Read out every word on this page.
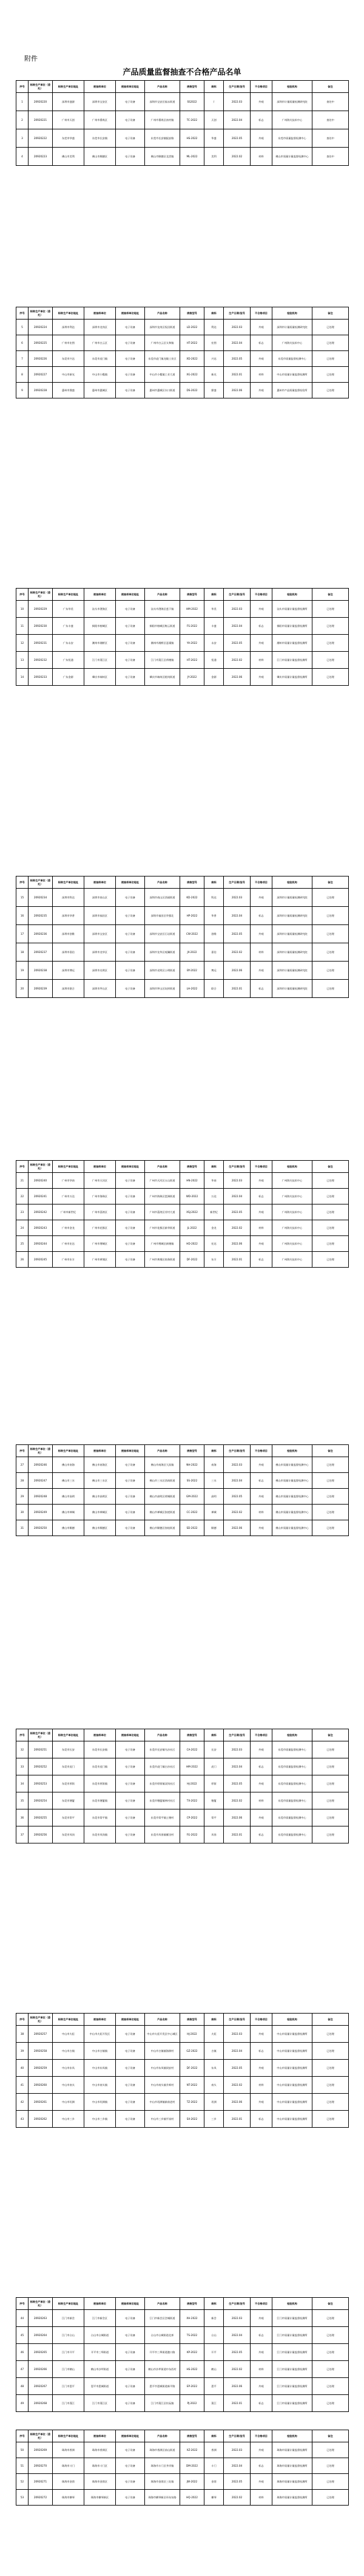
附件
产品质量监督抽查不合格产品名单
序号	标称生产单位（委托）	标称生产单位地址	被抽样单位	被抽样单位地址	产品名称	规格型号	商标	生产日期/批号	不合格项目	检验机构	备注
1	20920220	深圳市盛源	深圳市宝安区	电子设备	深圳市宝安区福永街道	SS2022	/	2022.03	外观	深圳市计量质量检测研究院	查处中
2	20920221	广州市天创	广州市番禺区	电子设备	广州市番禺区南村镇	TC-2022	天创	2022.04	标志	广州海关技术中心	查处中
3	20920222	东莞市华盛	东莞市长安镇	电子设备	东莞市长安镇振安路	HS-2022	华盛	2022.05	外观	东莞市质量监督检测中心	查处中
4	20920223	佛山市美利	佛山市顺德区	电子设备	佛山市顺德区北滘镇	ML-2022	美利	2022.02	材料	佛山市质量计量监督检测中心	查处中
序号	标称生产单位（委托）	标称生产单位地址	被抽样单位	被抽样单位地址	产品名称	规格型号	商标	生产日期/批号	不合格项目	检验机构	备注
5	20920224	深圳市利达	深圳市龙岗区	电子设备	深圳市龙岗区坂田街道	LD-2022	利达	2022.03	外观	深圳市计量质量检测研究院	已处理
6	20920225	广州市宏图	广州市白云区	电子设备	广州市白云区太和镇	HT-2022	宏图	2022.04	标志	广州海关技术中心	已处理
7	20920226	东莞市兴达	东莞市虎门镇	电子设备	东莞市虎门镇龙眼工业区	XD-2022	兴达	2022.05	外观	东莞市质量监督检测中心	已处理
8	20920227	中山市新光	中山市小榄镇	电子设备	中山市小榄镇工业大道	XG-2022	新光	2022.01	材料	中山市质量计量监督检测所	已处理
9	20920228	惠州市鼎盛	惠州市惠城区	电子设备	惠州市惠城区水口街道	DS-2022	鼎盛	2022.06	外观	惠州市产品质量监督检验所	已处理
序号	标称生产单位（委托）	标称生产单位地址	被抽样单位	被抽样单位地址	产品名称	规格型号	商标	生产日期/批号	不合格项目	检验机构	备注
10	20920229	广东华美	汕头市澄海区	电子设备	汕头市澄海区莲下镇	HM-2022	华美	2022.03	外观	汕头市质量计量监督检测所	已处理
11	20920230	广东丰盛	揭阳市榕城区	电子设备	揭阳市榕城区梅云街道	FS-2022	丰盛	2022.04	标志	揭阳市质量计量监督检测所	已处理
12	20920231	广东永安	潮州市湘桥区	电子设备	潮州市湘桥区意溪镇	YA-2022	永安	2022.05	外观	潮州市质量计量监督检测所	已处理
13	20920232	广东恒通	江门市蓬江区	电子设备	江门市蓬江区荷塘镇	HT-2022	恒通	2022.02	材料	江门市质量计量监督检测所	已处理
14	20920233	广东金源	肇庆市端州区	电子设备	肇庆市端州区睦岗街道	JY-2022	金源	2022.06	外观	肇庆市质量计量监督检测所	已处理
序号	标称生产单位（委托）	标称生产单位地址	被抽样单位	被抽样单位地址	产品名称	规格型号	商标	生产日期/批号	不合格项目	检验机构	备注
15	20920234	深圳市科达	深圳市南山区	电子设备	深圳市南山区西丽街道	KD-2022	科达	2022.03	外观	深圳市计量质量检测研究院	已处理
16	20920235	深圳市华普	深圳市福田区	电子设备	深圳市福田区华强北	HP-2022	华普	2022.04	标志	深圳市计量质量检测研究院	已处理
17	20920236	深圳市创维	深圳市宝安区	电子设备	深圳市宝安区石岩街道	CW-2022	创维	2022.05	外观	深圳市计量质量检测研究院	已处理
18	20920237	深圳市嘉信	深圳市龙华区	电子设备	深圳市龙华区观澜街道	JX-2022	嘉信	2022.02	材料	深圳市计量质量检测研究院	已处理
19	20920238	深圳市博远	深圳市光明区	电子设备	深圳市光明区公明街道	BY-2022	博远	2022.06	外观	深圳市计量质量检测研究院	已处理
20	20920239	深圳市联合	深圳市坪山区	电子设备	深圳市坪山区坑梓街道	LH-2022	联合	2022.01	标志	深圳市计量质量检测研究院	已处理
序号	标称生产单位（委托）	标称生产单位地址	被抽样单位	被抽样单位地址	产品名称	规格型号	商标	生产日期/批号	不合格项目	检验机构	备注
21	20920240	广州市华南	广州市天河区	电子设备	广州市天河区五山街道	HN-2022	华南	2022.03	外观	广州海关技术中心	已处理
22	20920241	广州市万达	广州市海珠区	电子设备	广州市海珠区琶洲街道	WD-2022	万达	2022.04	标志	广州海关技术中心	已处理
23	20920242	广州市新世纪	广州市荔湾区	电子设备	广州市荔湾区芳村大道	XSJ-2022	新世纪	2022.05	外观	广州海关技术中心	已处理
24	20920243	广州市金龙	广州市花都区	电子设备	广州市花都区新华街道	JL-2022	金龙	2022.02	材料	广州海关技术中心	已处理
25	20920244	广州市宏达	广州市增城区	电子设备	广州市增城区新塘镇	HD-2022	宏达	2022.06	外观	广州海关技术中心	已处理
26	20920245	广州市东方	广州市黄埔区	电子设备	广州市黄埔区鱼珠街道	DF-2022	东方	2022.01	标志	广州海关技术中心	已处理
序号	标称生产单位（委托）	标称生产单位地址	被抽样单位	被抽样单位地址	产品名称	规格型号	商标	生产日期/批号	不合格项目	检验机构	备注
27	20920246	佛山市南海	佛山市南海区	电子设备	佛山市南海区大沥镇	NH-2022	南海	2022.03	外观	佛山市质量计量监督检测中心	已处理
28	20920247	佛山市三水	佛山市三水区	电子设备	佛山市三水区西南街道	SS-2022	三水	2022.04	标志	佛山市质量计量监督检测中心	已处理
29	20920248	佛山市高明	佛山市高明区	电子设备	佛山市高明区荷城街道	GM-2022	高明	2022.05	外观	佛山市质量计量监督检测中心	已处理
30	20920249	佛山市禅城	佛山市禅城区	电子设备	佛山市禅城区张槎街道	CC-2022	禅城	2022.02	材料	佛山市质量计量监督检测中心	已处理
31	20920250	佛山市顺德	佛山市顺德区	电子设备	佛山市顺德区容桂街道	SD-2022	顺德	2022.06	外观	佛山市质量计量监督检测中心	已处理
序号	标称生产单位（委托）	标称生产单位地址	被抽样单位	被抽样单位地址	产品名称	规格型号	商标	生产日期/批号	不合格项目	检验机构	备注
32	20920251	东莞市长安	东莞市长安镇	电子设备	东莞市长安镇乌沙社区	CA-2022	长安	2022.03	外观	东莞市质量监督检测中心	已处理
33	20920252	东莞市虎门	东莞市虎门镇	电子设备	东莞市虎门镇白沙社区	HM-2022	虎门	2022.04	标志	东莞市质量监督检测中心	已处理
34	20920253	东莞市厚街	东莞市厚街镇	电子设备	东莞市厚街镇双岗社区	HJ-2022	厚街	2022.05	外观	东莞市质量监督检测中心	已处理
35	20920254	东莞市塘厦	东莞市塘厦镇	电子设备	东莞市塘厦镇林村社区	TX-2022	塘厦	2022.02	材料	东莞市质量监督检测中心	已处理
36	20920255	东莞市常平	东莞市常平镇	电子设备	东莞市常平镇土塘村	CP-2022	常平	2022.06	外观	东莞市质量监督检测中心	已处理
37	20920256	东莞市凤岗	东莞市凤岗镇	电子设备	东莞市凤岗镇雁田村	FG-2022	凤岗	2022.01	标志	东莞市质量监督检测中心	已处理
序号	标称生产单位（委托）	标称生产单位地址	被抽样单位	被抽样单位地址	产品名称	规格型号	商标	生产日期/批号	不合格项目	检验机构	备注
38	20920257	中山市火炬	中山市火炬开发区	电子设备	中山市火炬开发区中心城区	HJ-2022	火炬	2022.03	外观	中山市质量计量监督检测所	已处理
39	20920258	中山市古镇	中山市古镇镇	电子设备	中山市古镇镇海洲村	GZ-2022	古镇	2022.04	标志	中山市质量计量监督检测所	已处理
40	20920259	中山市东凤	中山市东凤镇	电子设备	中山市东凤镇同安村	DF-2022	东凤	2022.05	外观	中山市质量计量监督检测所	已处理
41	20920260	中山市南头	中山市南头镇	电子设备	中山市南头镇升辉村	NT-2022	南头	2022.02	材料	中山市质量计量监督检测所	已处理
42	20920261	中山市坦洲	中山市坦洲镇	电子设备	中山市坦洲镇新前进村	TZ-2022	坦洲	2022.06	外观	中山市质量计量监督检测所	已处理
43	20920262	中山市三乡	中山市三乡镇	电子设备	中山市三乡镇平岚村	SX-2022	三乡	2022.01	标志	中山市质量计量监督检测所	已处理
序号	标称生产单位（委托）	标称生产单位地址	被抽样单位	被抽样单位地址	产品名称	规格型号	商标	生产日期/批号	不合格项目	检验机构	备注
44	20920263	江门市新会	江门市新会区	电子设备	江门市新会区会城街道	XH-2022	新会	2022.03	外观	江门市质量计量监督检测所	已处理
45	20920264	江门市台山	台山市台城街道	电子设备	台山市台城街道北郊	TS-2022	台山	2022.04	标志	江门市质量计量监督检测所	已处理
46	20920265	江门市开平	开平市三埠街道	电子设备	开平市三埠街道港口路	KP-2022	开平	2022.05	外观	江门市质量计量监督检测所	已处理
47	20920266	江门市鹤山	鹤山市沙坪街道	电子设备	鹤山市沙坪街道中东西村	HS-2022	鹤山	2022.02	材料	江门市质量计量监督检测所	已处理
48	20920267	江门市恩平	恩平市恩城街道	电子设备	恩平市恩城街道新平路	EP-2022	恩平	2022.06	外观	江门市质量计量监督检测所	已处理
49	20920268	江门市蓬江	江门市蓬江区	电子设备	江门市蓬江区杜阮镇	PJ-2022	蓬江	2022.01	标志	江门市质量计量监督检测所	已处理
序号	标称生产单位（委托）	标称生产单位地址	被抽样单位	被抽样单位地址	产品名称	规格型号	商标	生产日期/批号	不合格项目	检验机构	备注
50	20920269	珠海市香洲	珠海市香洲区	电子设备	珠海市香洲区前山街道	XZ-2022	香洲	2022.03	外观	珠海市质量计量监督检测所	已处理
51	20920270	珠海市斗门	珠海市斗门区	电子设备	珠海市斗门区井岸镇	DM-2022	斗门	2022.04	标志	珠海市质量计量监督检测所	已处理
52	20920271	珠海市金湾	珠海市金湾区	电子设备	珠海市金湾区三灶镇	JW-2022	金湾	2022.05	外观	珠海市质量计量监督检测所	已处理
53	20920272	珠海市横琴	珠海市横琴新区	电子设备	珠海市横琴新区环岛东路	HQ-2022	横琴	2022.02	材料	珠海市质量计量监督检测所	已处理
